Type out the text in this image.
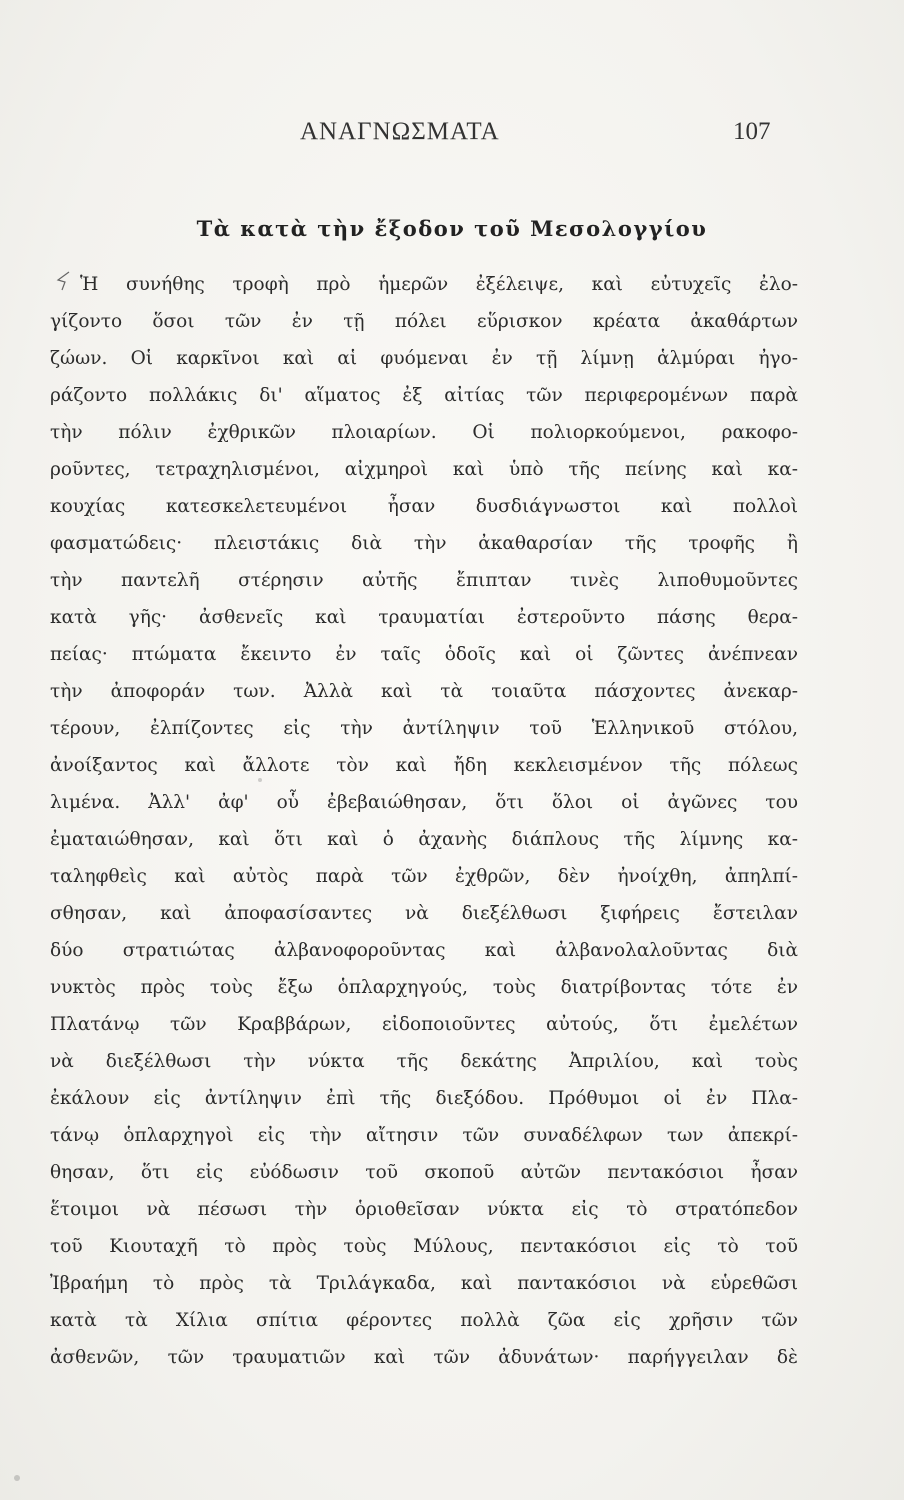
ΑΝΑΓΝΩΣΜΑΤΑ	107
Τὰ κατὰ τὴν ἔξοδον τοῦ Μεσολογγίου
Ἡ συνήθης τροφὴ πρὸ ἡμερῶν ἐξέλειψε, καὶ εὐτυχεῖς ἐλο-
γίζοντο ὅσοι τῶν ἐν τῇ πόλει εὕρισκον κρέατα ἀκαθάρτων
ζώων. Οἱ καρκῖνοι καὶ αἱ φυόμεναι ἐν τῇ λίμνῃ ἁλμύραι ἠγο-
ράζοντο πολλάκις δι' αἵματος ἐξ αἰτίας τῶν περιφερομένων παρὰ
τὴν πόλιν ἐχθρικῶν πλοιαρίων. Οἱ πολιορκούμενοι, ρακοφο-
ροῦντες, τετραχηλισμένοι, αἰχμηροὶ καὶ ὑπὸ τῆς πείνης καὶ κα-
κουχίας κατεσκελετευμένοι ἦσαν δυσδιάγνωστοι καὶ πολλοὶ
φασματώδεις· πλειστάκις διὰ τὴν ἀκαθαρσίαν τῆς τροφῆς ἢ
τὴν παντελῆ στέρησιν αὐτῆς ἔπιπταν τινὲς λιποθυμοῦντες
κατὰ γῆς· ἀσθενεῖς καὶ τραυματίαι ἐστεροῦντο πάσης θερα-
πείας· πτώματα ἔκειντο ἐν ταῖς ὁδοῖς καὶ οἱ ζῶντες ἀνέπνεαν
τὴν ἀποφοράν των. Ἀλλὰ καὶ τὰ τοιαῦτα πάσχοντες ἀνεκαρ-
τέρουν, ἐλπίζοντες εἰς τὴν ἀντίληψιν τοῦ Ἑλληνικοῦ στόλου,
ἀνοίξαντος καὶ ἄλλοτε τὸν καὶ ἤδη κεκλεισμένον τῆς πόλεως
λιμένα. Ἀλλ' ἀφ' οὗ ἐβεβαιώθησαν, ὅτι ὅλοι οἱ ἀγῶνες του
ἐματαιώθησαν, καὶ ὅτι καὶ ὁ ἀχανὴς διάπλους τῆς λίμνης κα-
ταληφθεὶς καὶ αὐτὸς παρὰ τῶν ἐχθρῶν, δὲν ἠνοίχθη, ἀπηλπί-
σθησαν, καὶ ἀποφασίσαντες νὰ διεξέλθωσι ξιφήρεις ἔστειλαν
δύο στρατιώτας ἀλβανοφοροῦντας καὶ ἀλβανολαλοῦντας διὰ
νυκτὸς πρὸς τοὺς ἔξω ὁπλαρχηγούς, τοὺς διατρίβοντας τότε ἐν
Πλατάνῳ τῶν Κραββάρων, εἰδοποιοῦντες αὐτούς, ὅτι ἐμελέτων
νὰ διεξέλθωσι τὴν νύκτα τῆς δεκάτης Ἀπριλίου, καὶ τοὺς
ἐκάλουν εἰς ἀντίληψιν ἐπὶ τῆς διεξόδου. Πρόθυμοι οἱ ἐν Πλα-
τάνῳ ὁπλαρχηγοὶ εἰς τὴν αἴτησιν τῶν συναδέλφων των ἀπεκρί-
θησαν, ὅτι εἰς εὐόδωσιν τοῦ σκοποῦ αὐτῶν πεντακόσιοι ἦσαν
ἕτοιμοι νὰ πέσωσι τὴν ὁριοθεῖσαν νύκτα εἰς τὸ στρατόπεδον
τοῦ Κιουταχῆ τὸ πρὸς τοὺς Μύλους, πεντακόσιοι εἰς τὸ τοῦ
Ἰβραήμη τὸ πρὸς τὰ Τριλάγκαδα, καὶ παντακόσιοι νὰ εὑρεθῶσι
κατὰ τὰ Χίλια σπίτια φέροντες πολλὰ ζῶα εἰς χρῆσιν τῶν
ἀσθενῶν, τῶν τραυματιῶν καὶ τῶν ἀδυνάτων· παρήγγειλαν δὲ
